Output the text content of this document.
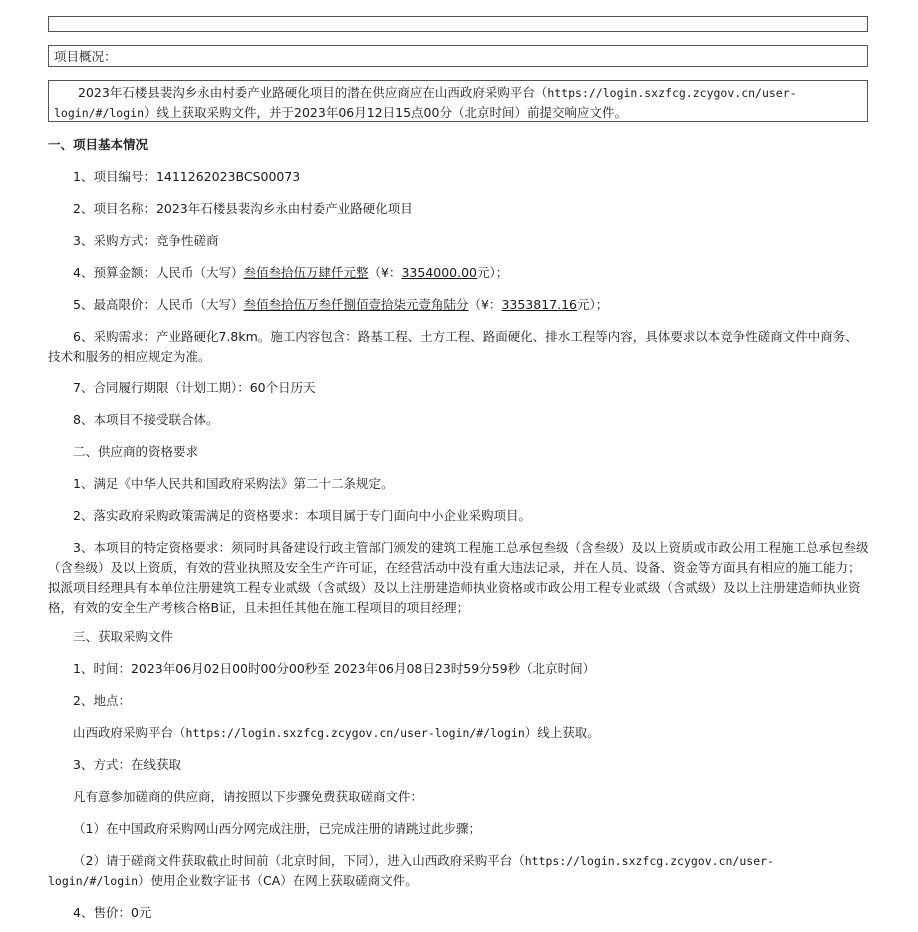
项目概况：
2023年石楼县裴沟乡永由村委产业路硬化项目的潜在供应商应在山西政府采购平台（https://login.sxzfcg.zcygov.cn/user-login/#/login）线上获取采购文件，并于2023年06月12日15点00分（北京时间）前提交响应文件。

一、项目基本情况

1、项目编号：1411262023BCS00073

2、项目名称：2023年石楼县裴沟乡永由村委产业路硬化项目

3、采购方式：竞争性磋商

4、预算金额：人民币（大写）叁佰叁拾伍万肆仟元整（¥：3354000.00元）；

5、最高限价：人民币（大写）叁佰叁拾伍万叁仟捌佰壹拾柒元壹角陆分（¥：3353817.16元）；

6、采购需求：产业路硬化7.8km。施工内容包含：路基工程、土方工程、路面硬化、排水工程等内容，具体要求以本竞争性磋商文件中商务、技术和服务的相应规定为准。

7、合同履行期限（计划工期）：60个日历天

8、本项目不接受联合体。

二、供应商的资格要求

1、满足《中华人民共和国政府采购法》第二十二条规定。

2、落实政府采购政策需满足的资格要求：本项目属于专门面向中小企业采购项目。

3、本项目的特定资格要求：须同时具备建设行政主管部门颁发的建筑工程施工总承包叁级（含叁级）及以上资质或市政公用工程施工总承包叁级（含叁级）及以上资质，有效的营业执照及安全生产许可证，在经营活动中没有重大违法记录，并在人员、设备、资金等方面具有相应的施工能力；拟派项目经理具有本单位注册建筑工程专业贰级（含贰级）及以上注册建造师执业资格或市政公用工程专业贰级（含贰级）及以上注册建造师执业资格，有效的安全生产考核合格B证，且未担任其他在施工程项目的项目经理；

三、获取采购文件

1、时间：2023年06月02日00时00分00秒至 2023年06月08日23时59分59秒（北京时间）

2、地点：

山西政府采购平台（https://login.sxzfcg.zcygov.cn/user-login/#/login）线上获取。

3、方式：在线获取

凡有意参加磋商的供应商，请按照以下步骤免费获取磋商文件：

（1）在中国政府采购网山西分网完成注册，已完成注册的请跳过此步骤；

（2）请于磋商文件获取截止时间前（北京时间，下同），进入山西政府采购平台（https://login.sxzfcg.zcygov.cn/user-login/#/login）使用企业数字证书（CA）在网上获取磋商文件。

4、售价：0元
